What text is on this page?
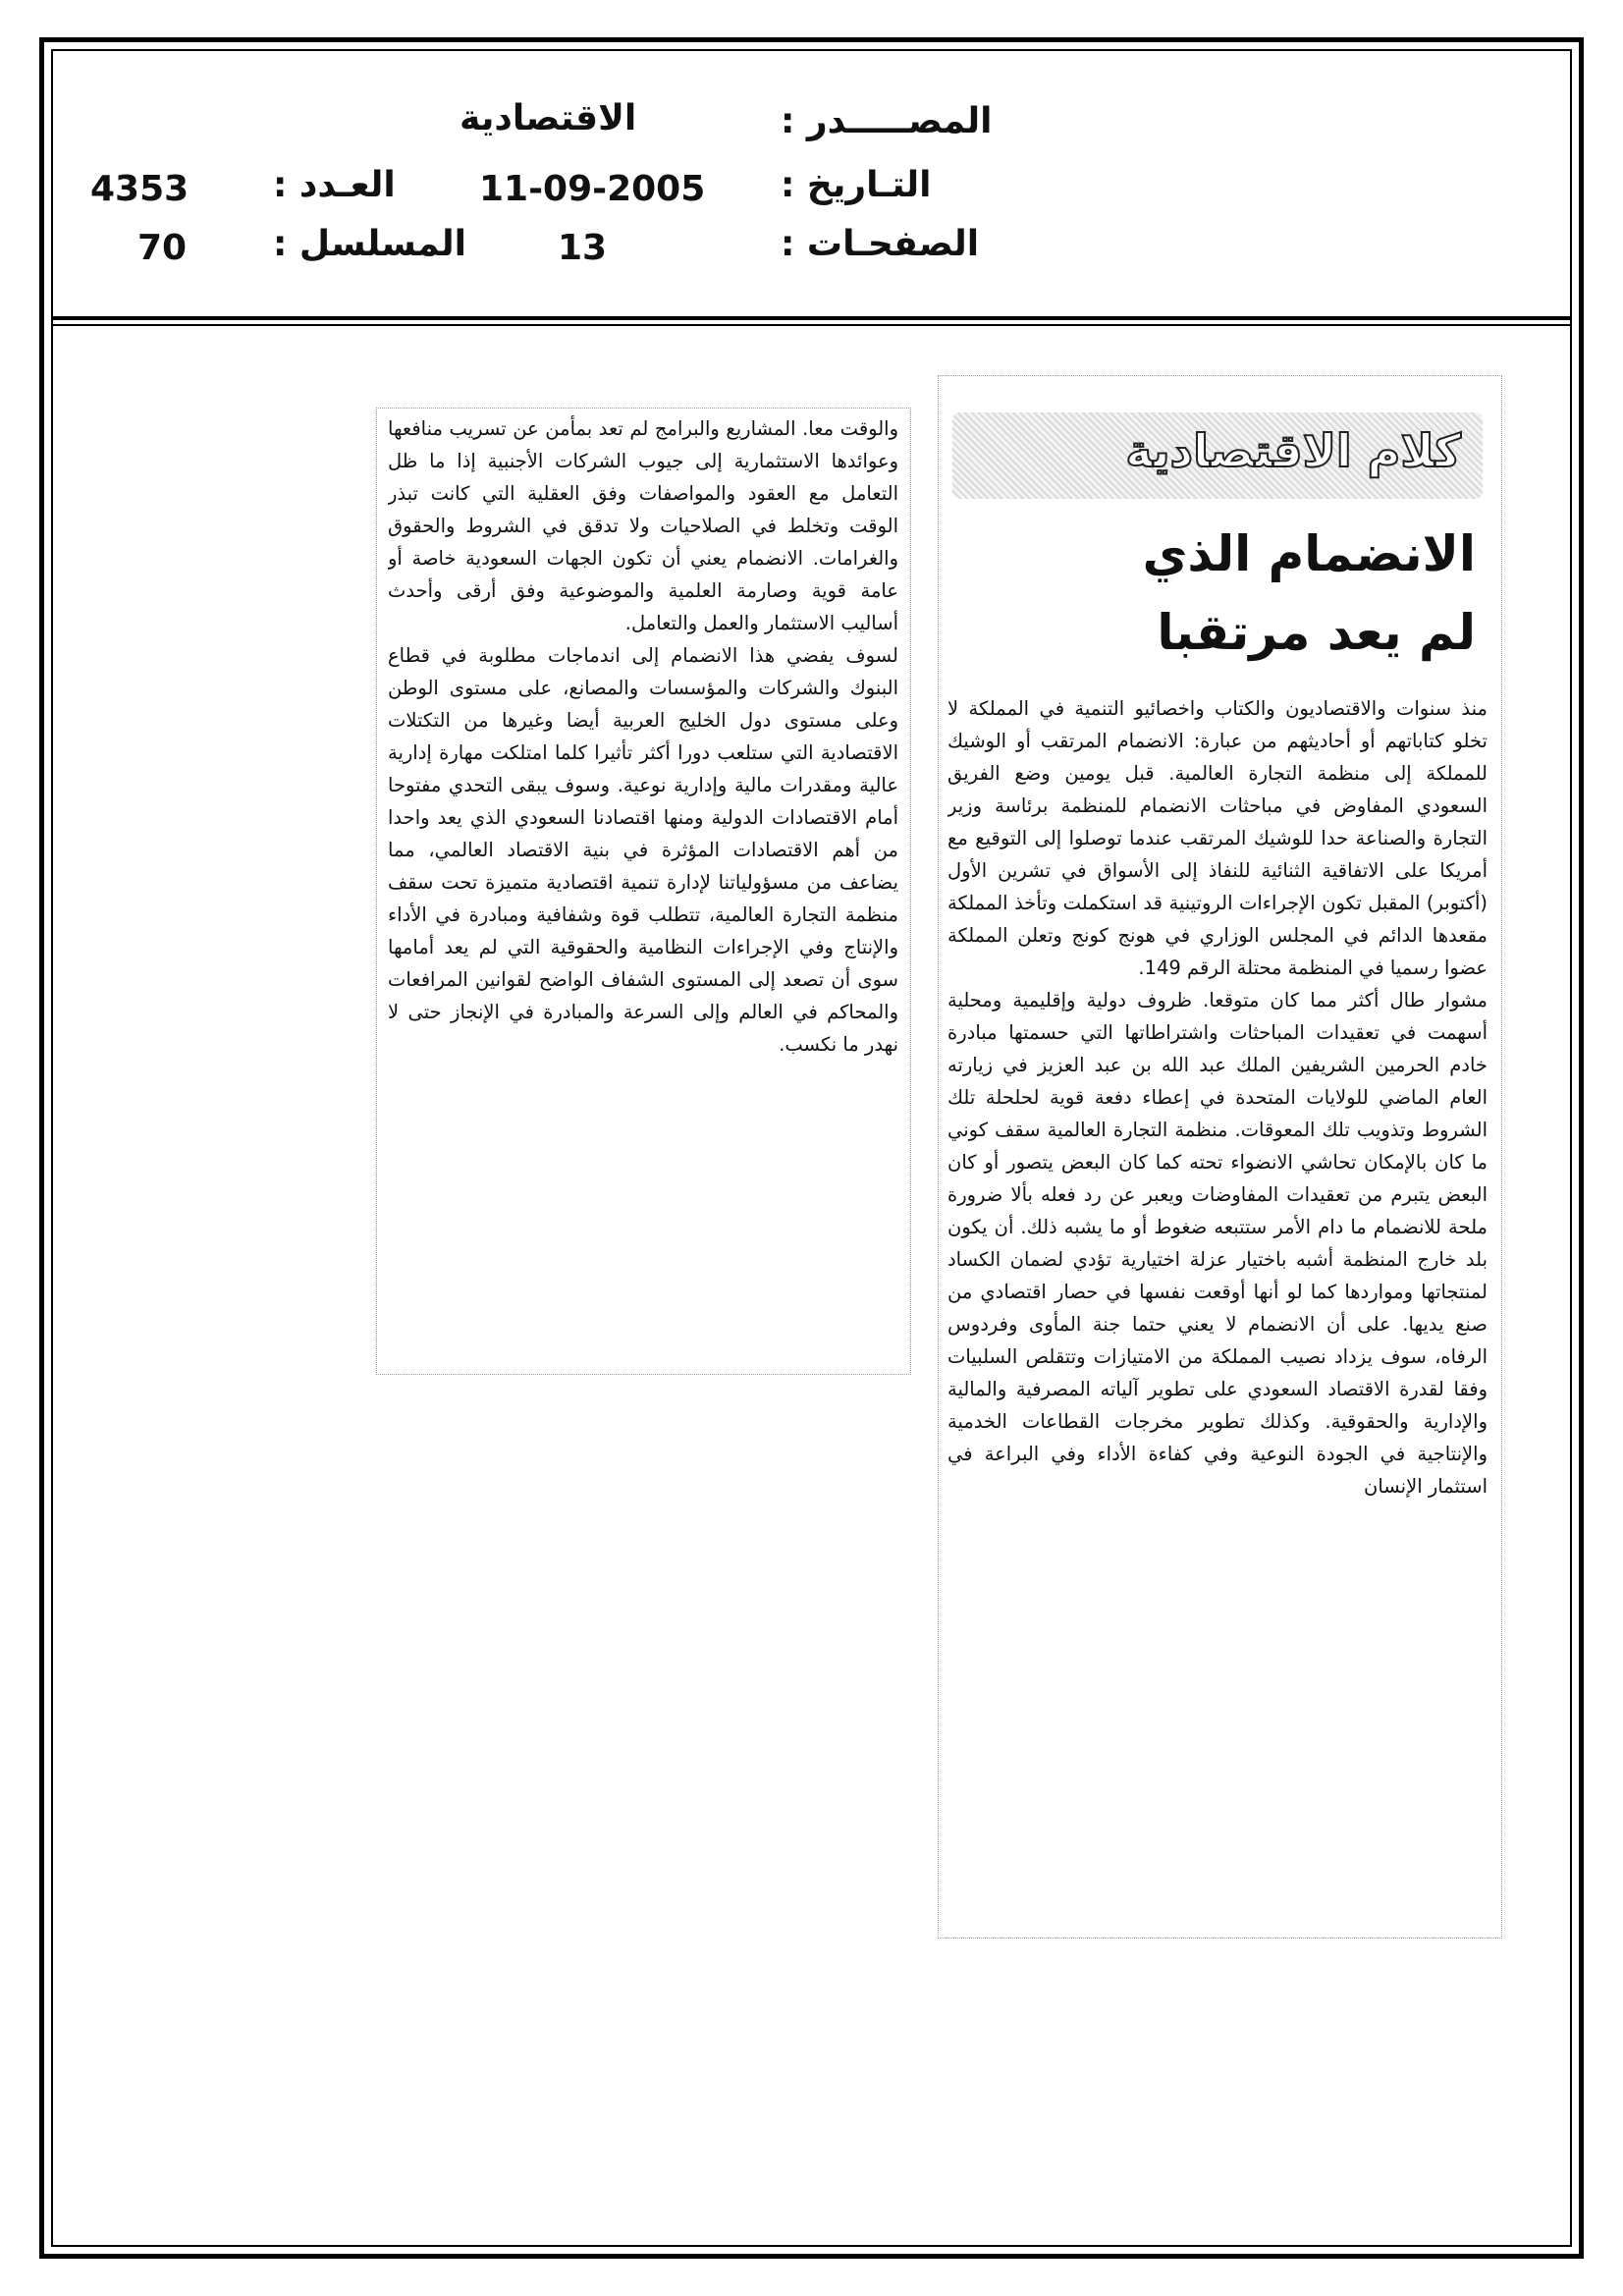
المصـــــدر :
الاقتصادية
التـاريخ :
11-09-2005
الصفحـات :
13
العـدد :
4353
المسلسل :
70
كلام الاقتصادية
الانضمام الذي
لم يعد مرتقبا

منذ سنوات والاقتصاديون والكتاب واخصائيو التنمية في المملكة لا تخلو كتاباتهم أو أحاديثهم من عبارة: الانضمام المرتقب أو الوشيك للمملكة إلى منظمة التجارة العالمية. قبل يومين وضع الفريق السعودي المفاوض في مباحثات الانضمام للمنظمة برئاسة وزير التجارة والصناعة حدا للوشيك المرتقب عندما توصلوا إلى التوقيع مع أمريكا على الاتفاقية الثنائية للنفاذ إلى الأسواق في تشرين الأول (أكتوبر) المقبل تكون الإجراءات الروتينية قد استكملت وتأخذ المملكة مقعدها الدائم في المجلس الوزاري في هونج كونج وتعلن المملكة عضوا رسميا في المنظمة محتلة الرقم 149.

مشوار طال أكثر مما كان متوقعا. ظروف دولية وإقليمية ومحلية أسهمت في تعقيدات المباحثات واشتراطاتها التي حسمتها مبادرة خادم الحرمين الشريفين الملك عبد الله بن عبد العزيز في زيارته العام الماضي للولايات المتحدة في إعطاء دفعة قوية لحلحلة تلك الشروط وتذويب تلك المعوقات. منظمة التجارة العالمية سقف كوني ما كان بالإمكان تحاشي الانضواء تحته كما كان البعض يتصور أو كان البعض يتبرم من تعقيدات المفاوضات ويعبر عن رد فعله بألا ضرورة ملحة للانضمام ما دام الأمر ستتبعه ضغوط أو ما يشبه ذلك. أن يكون بلد خارج المنظمة أشبه باختيار عزلة اختيارية تؤدي لضمان الكساد لمنتجاتها ومواردها كما لو أنها أوقعت نفسها في حصار اقتصادي من صنع يديها. على أن الانضمام لا يعني حتما جنة المأوى وفردوس الرفاه، سوف يزداد نصيب المملكة من الامتيازات وتتقلص السلبيات وفقا لقدرة الاقتصاد السعودي على تطوير آلياته المصرفية والمالية والإدارية والحقوقية. وكذلك تطوير مخرجات القطاعات الخدمية والإنتاجية في الجودة النوعية وفي كفاءة الأداء وفي البراعة في استثمار الإنسان

والوقت معا. المشاريع والبرامج لم تعد بمأمن عن تسريب منافعها وعوائدها الاستثمارية إلى جيوب الشركات الأجنبية إذا ما ظل التعامل مع العقود والمواصفات وفق العقلية التي كانت تبذر الوقت وتخلط في الصلاحيات ولا تدقق في الشروط والحقوق والغرامات. الانضمام يعني أن تكون الجهات السعودية خاصة أو عامة قوية وصارمة العلمية والموضوعية وفق أرقى وأحدث أساليب الاستثمار والعمل والتعامل.

لسوف يفضي هذا الانضمام إلى اندماجات مطلوبة في قطاع البنوك والشركات والمؤسسات والمصانع، على مستوى الوطن وعلى مستوى دول الخليج العربية أيضا وغيرها من التكتلات الاقتصادية التي ستلعب دورا أكثر تأثيرا كلما امتلكت مهارة إدارية عالية ومقدرات مالية وإدارية نوعية. وسوف يبقى التحدي مفتوحا أمام الاقتصادات الدولية ومنها اقتصادنا السعودي الذي يعد واحدا من أهم الاقتصادات المؤثرة في بنية الاقتصاد العالمي، مما يضاعف من مسؤولياتنا لإدارة تنمية اقتصادية متميزة تحت سقف منظمة التجارة العالمية، تتطلب قوة وشفافية ومبادرة في الأداء والإنتاج وفي الإجراءات النظامية والحقوقية التي لم يعد أمامها سوى أن تصعد إلى المستوى الشفاف الواضح لقوانين المرافعات والمحاكم في العالم وإلى السرعة والمبادرة في الإنجاز حتى لا نهدر ما نكسب.
